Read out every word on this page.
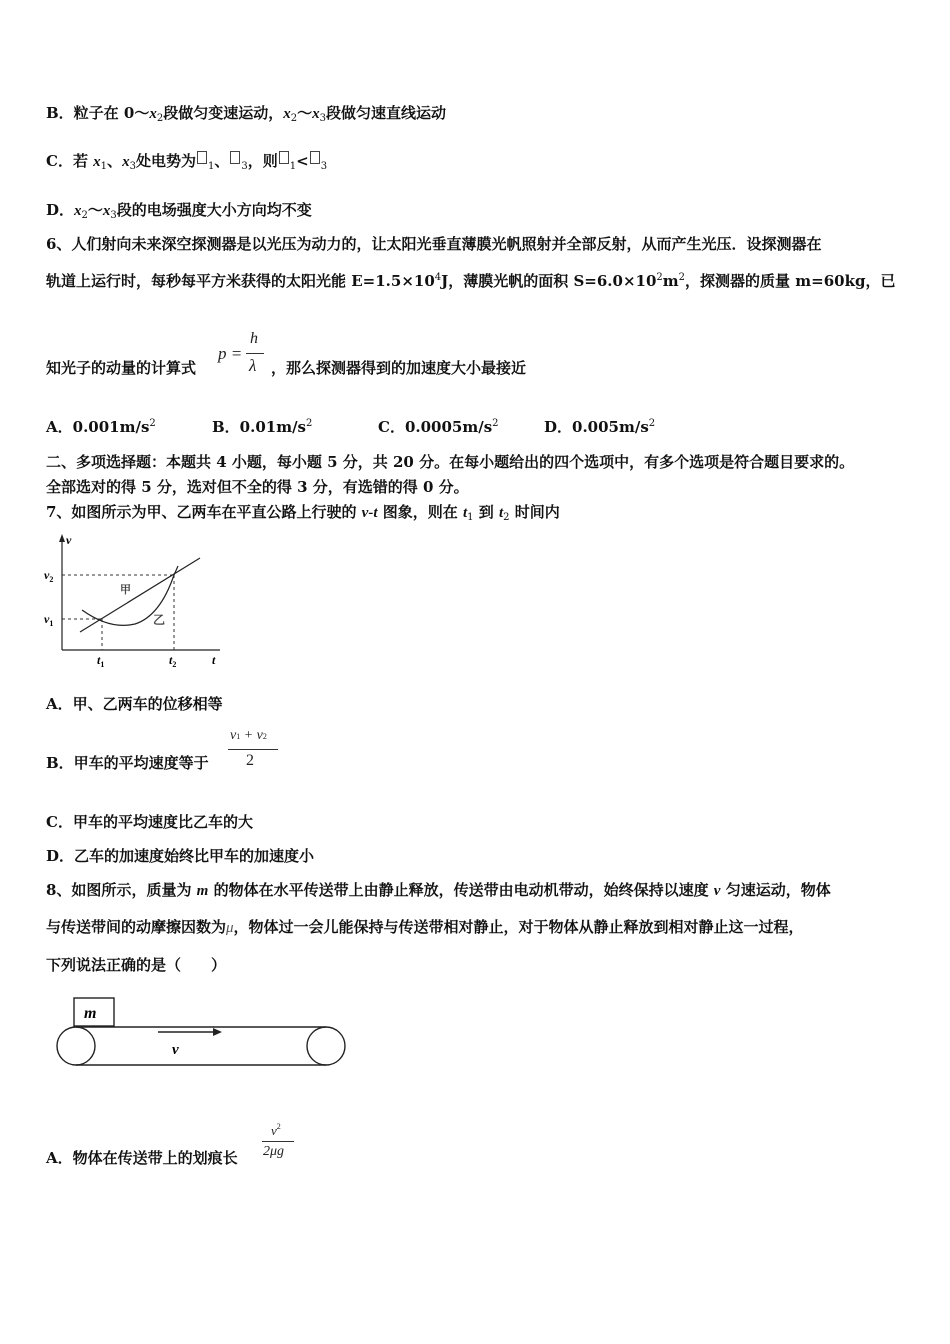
B．粒子在 $0\sim x_2$段做匀变速运动，$x_2\sim x_3$段做匀速直线运动
C．若 $x_1$、$x_3$处电势为 $_1$、 $_3$，则 $_1$< $_3$
D．$x_2\sim x_3$段的电场强度大小方向均不变
6、人们射向未来深空探测器是以光压为动力的，让太阳光垂直薄膜光帆照射并全部反射，从而产生光压．设探测器在
轨道上运行时，每秒每平方米获得的太阳光能 $E=1.5\times 10^4J$，薄膜光帆的面积 $S=6.0\times 10^2m^2$，探测器的质量 m=60kg，已
知光子的动量的计算式
p =
h
λ ，那么探测器得到的加速度大小最接近
A．$0.001m/s^2$	B．$0.01m/s^2$	C．$0.0005m/s^2$	D．$0.005m/s^2$
二、多项选择题：本题共 4 小题，每小题 5 分，共 20 分。在每小题给出的四个选项中，有多个选项是符合题目要求的。
全部选对的得 5 分，选对但不全的得 3 分，有选错的得 0 分。
7、如图所示为甲、乙两车在平直公路上行驶的 v-t 图象，则在 $t_1$ 到 $t_2$ 时间内
v
t
$v_2$
$v_1$
$t_1$	$t_2$
甲
乙
A．甲、乙两车的位移相等
B．甲车的平均速度等于
v1 + v2
2
C．甲车的平均速度比乙车的大
D．乙车的加速度始终比甲车的加速度小
8、如图所示，质量为 m 的物体在水平传送带上由静止释放，传送带由电动机带动，始终保持以速度 v 匀速运动，物体
与传送带间的动摩擦因数为μ，物体过一会儿能保持与传送带相对静止，对于物体从静止释放到相对静止这一过程，
下列说法正确的是（　　）
m
v
A．物体在传送带上的划痕长
$v^2$
2μg
